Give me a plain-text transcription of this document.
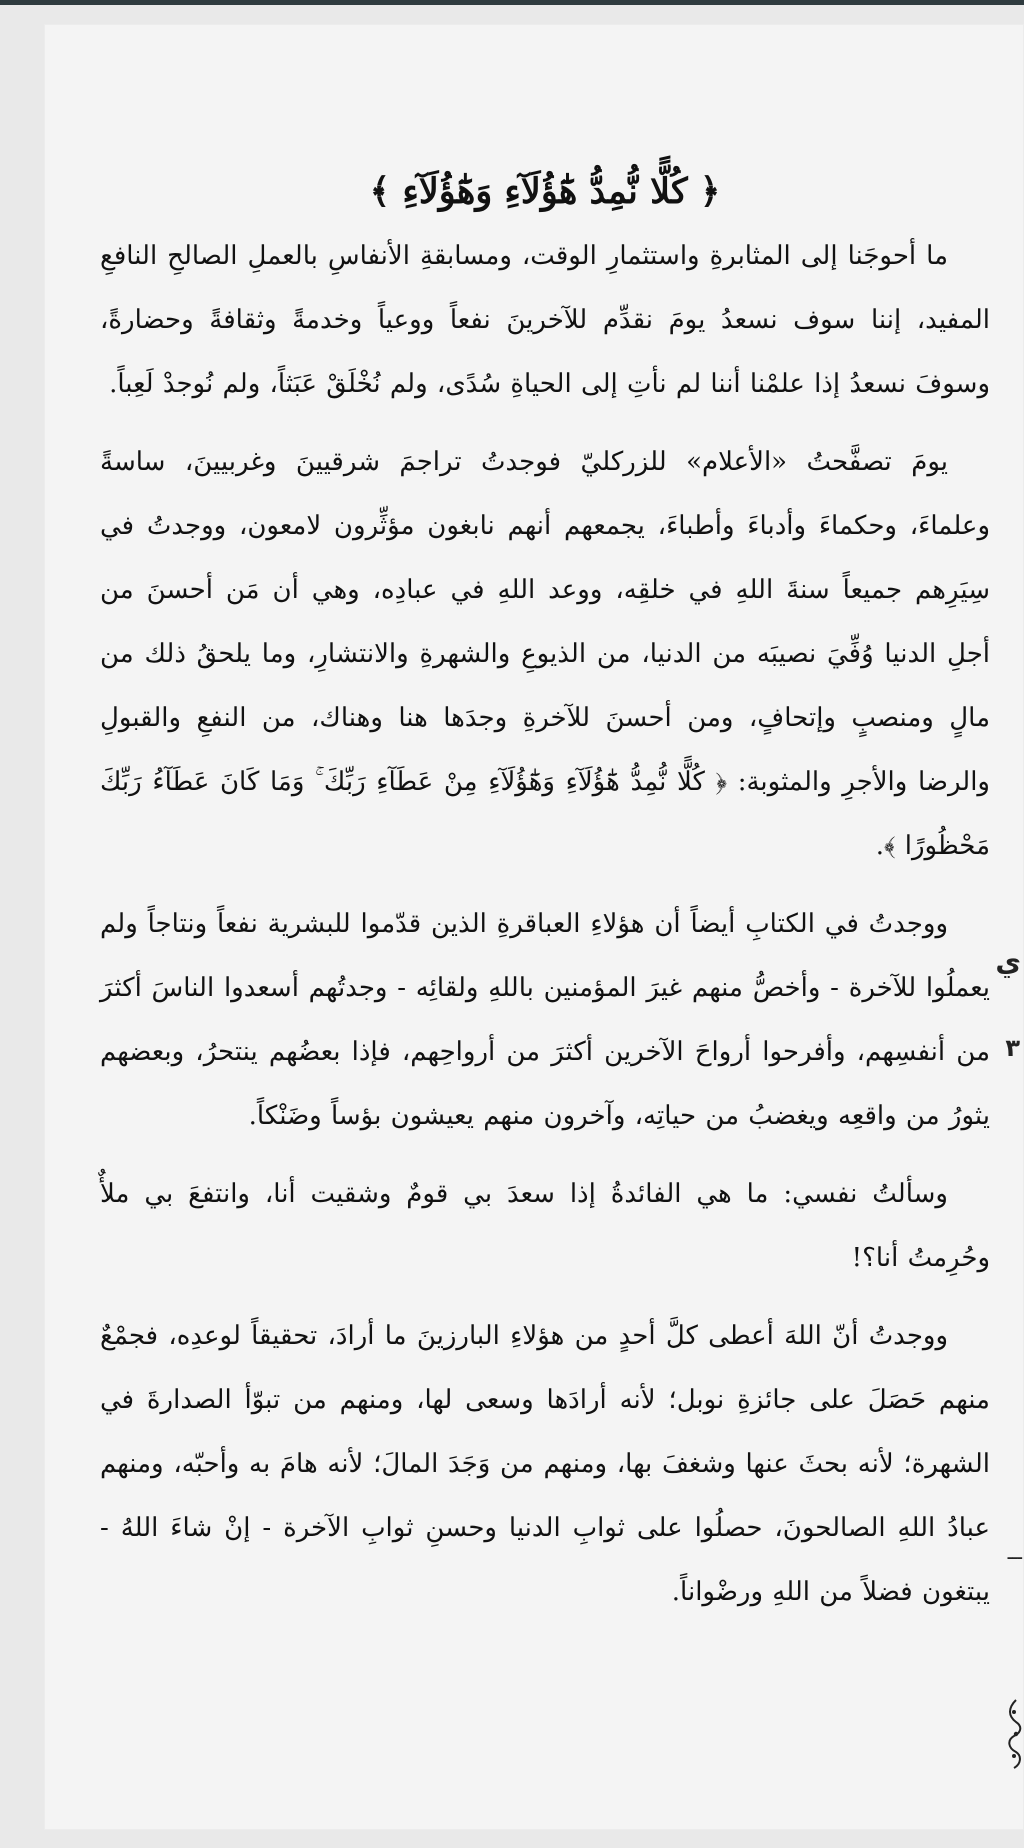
﴿ كُلًّا نُّمِدُّ هَٰٓؤُلَآءِ وَهَٰٓؤُلَآءِ ﴾

ما أحوجَنا إلى المثابرةِ واستثمارِ الوقت، ومسابقةِ الأنفاسِ بالعملِ الصالحِ النافعِ المفيد، إننا سوف نسعدُ يومَ نقدِّم للآخرينَ نفعاً ووعياً وخدمةً وثقافةً وحضارةً، وسوفَ نسعدُ إذا علمْنا أننا لم نأتِ إلى الحياةِ سُدًى، ولم نُخْلَقْ عَبَثاً، ولم نُوجدْ لَعِباً.

يومَ تصفَّحتُ «الأعلام» للزركليّ فوجدتُ تراجمَ شرقيينَ وغربيينَ، ساسةً وعلماءَ، وحكماءَ وأدباءَ وأطباءَ، يجمعهم أنهم نابغون مؤثِّرون لامعون، ووجدتُ في سِيَرِهم جميعاً سنةَ اللهِ في خلقِه، ووعد اللهِ في عبادِه، وهي أن مَن أحسنَ من أجلِ الدنيا وُفِّيَ نصيبَه من الدنيا، من الذيوعِ والشهرةِ والانتشارِ، وما يلحقُ ذلك من مالٍ ومنصبٍ وإتحافٍ، ومن أحسنَ للآخرةِ وجدَها هنا وهناك، من النفعِ والقبولِ والرضا والأجرِ والمثوبة: ﴿ كُلًّا نُّمِدُّ هَٰٓؤُلَآءِ وَهَٰٓؤُلَآءِ مِنْ عَطَآءِ رَبِّكَ ۚ وَمَا كَانَ عَطَآءُ رَبِّكَ مَحْظُورًا ﴾.

ووجدتُ في الكتابِ أيضاً أن هؤلاءِ العباقرةِ الذين قدّموا للبشرية نفعاً ونتاجاً ولم يعملُوا للآخرة - وأخصُّ منهم غيرَ المؤمنين باللهِ ولقائِه - وجدتُهم أسعدوا الناسَ أكثرَ من أنفسِهم، وأفرحوا أرواحَ الآخرين أكثرَ من أرواحِهم، فإذا بعضُهم ينتحرُ، وبعضهم يثورُ من واقعِه ويغضبُ من حياتِه، وآخرون منهم يعيشون بؤساً وضَنْكاً.

وسألتُ نفسي: ما هي الفائدةُ إذا سعدَ بي قومٌ وشقيت أنا، وانتفعَ بي ملأٌ وحُرِمتُ أنا؟!

ووجدتُ أنّ اللهَ أعطى كلَّ أحدٍ من هؤلاءِ البارزينَ ما أرادَ، تحقيقاً لوعدِه، فجمْعٌ منهم حَصَلَ على جائزةِ نوبل؛ لأنه أرادَها وسعى لها، ومنهم من تبوّأ الصدارةَ في الشهرة؛ لأنه بحثَ عنها وشغفَ بها، ومنهم من وَجَدَ المالَ؛ لأنه هامَ به وأحبّه، ومنهم عبادُ اللهِ الصالحونَ، حصلُوا على ثوابِ الدنيا وحسنِ ثوابِ الآخرة - إنْ شاءَ اللهُ - يبتغون فضلاً من اللهِ ورضْواناً.

ي
٣
ـــ
